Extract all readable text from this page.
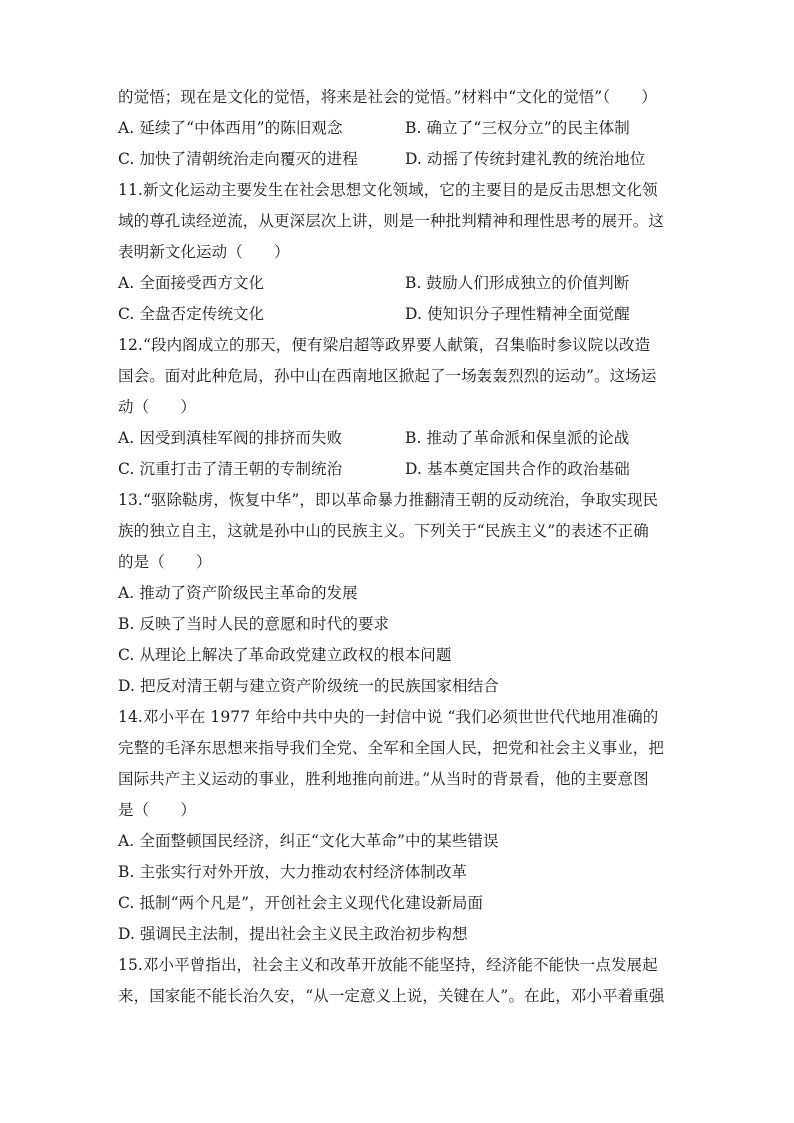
的觉悟；现在是文化的觉悟，将来是社会的觉悟。”材料中“文化的觉悟”（　　）
A. 延续了“中体西用”的陈旧观念	B. 确立了“三权分立”的民主体制
C. 加快了清朝统治走向覆灭的进程	D. 动摇了传统封建礼教的统治地位
11.新文化运动主要发生在社会思想文化领域，它的主要目的是反击思想文化领
域的尊孔读经逆流，从更深层次上讲，则是一种批判精神和理性思考的展开。这
表明新文化运动（　　）
A. 全面接受西方文化	B. 鼓励人们形成独立的价值判断
C. 全盘否定传统文化	D. 使知识分子理性精神全面觉醒
12.“段内阁成立的那天，便有梁启超等政界要人献策，召集临时参议院以改造
国会。面对此种危局，孙中山在西南地区掀起了一场轰轰烈烈的运动”。这场运
动（　　）
A. 因受到滇桂军阀的排挤而失败	B. 推动了革命派和保皇派的论战
C. 沉重打击了清王朝的专制统治	D. 基本奠定国共合作的政治基础
13.“驱除鞑虏，恢复中华”，即以革命暴力推翻清王朝的反动统治，争取实现民
族的独立自主，这就是孙中山的民族主义。下列关于“民族主义”的表述不正确
的是（　　）
A. 推动了资产阶级民主革命的发展
B. 反映了当时人民的意愿和时代的要求
C. 从理论上解决了革命政党建立政权的根本问题
D. 把反对清王朝与建立资产阶级统一的民族国家相结合
14.邓小平在 1977 年给中共中央的一封信中说 “我们必须世世代代地用准确的
完整的毛泽东思想来指导我们全党、全军和全国人民，把党和社会主义事业，把
国际共产主义运动的事业，胜利地推向前进。”从当时的背景看，他的主要意图
是（　　）
A. 全面整顿国民经济，纠正“文化大革命”中的某些错误
B. 主张实行对外开放，大力推动农村经济体制改革
C. 抵制“两个凡是”，开创社会主义现代化建设新局面
D. 强调民主法制，提出社会主义民主政治初步构想
15.邓小平曾指出，社会主义和改革开放能不能坚持，经济能不能快一点发展起
来，国家能不能长治久安，“从一定意义上说，关键在人”。在此，邓小平着重强
